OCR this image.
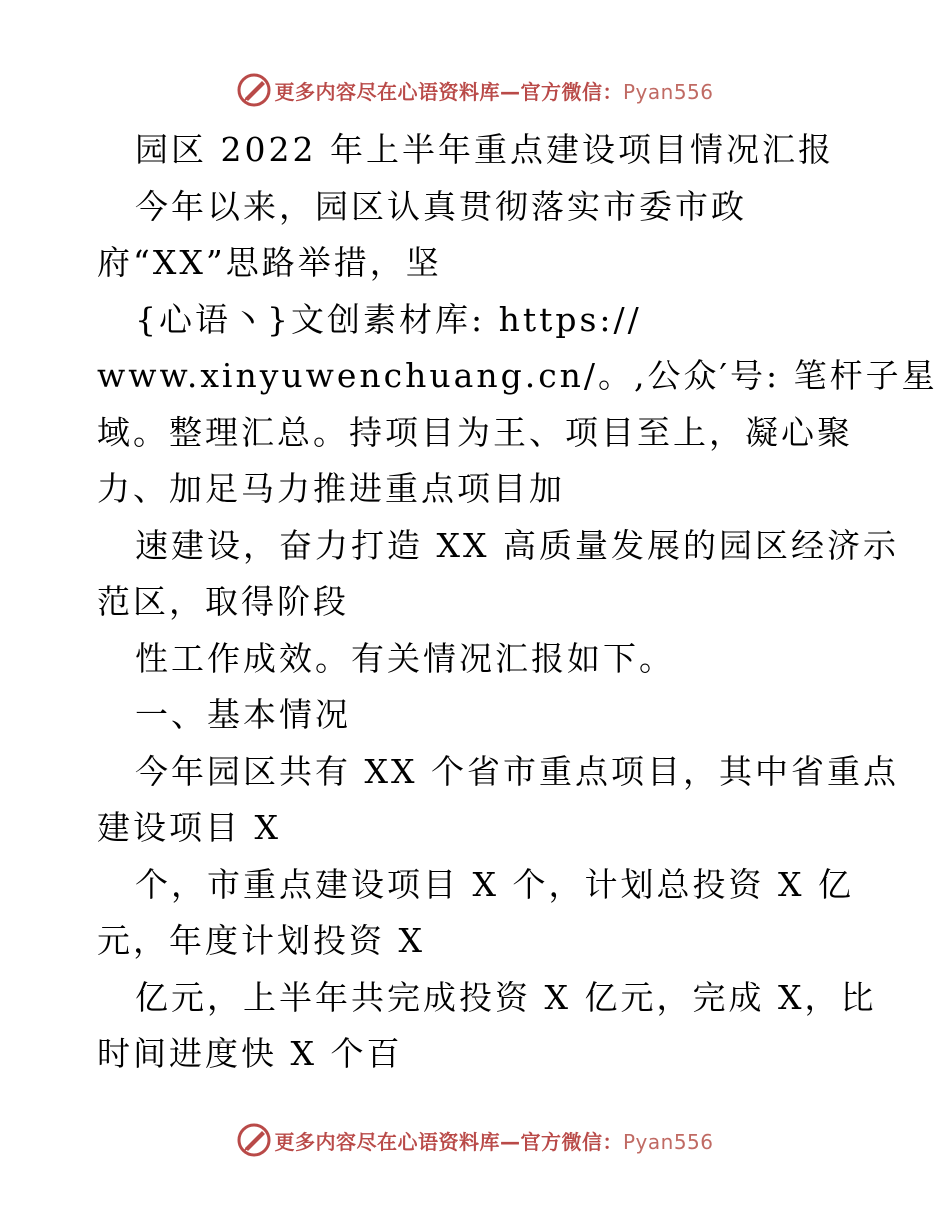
更多内容尽在心语资料库—官方微信：Pyan556
园区 2022 年上半年重点建设项目情况汇报
今年以来，园区认真贯彻落实市委市政
府“XX”思路举措，坚
{心语丶}文创素材库: https://
www.xinyuwenchuang.cn/。,公众′号: 笔杆子星
域。整理汇总。持项目为王、项目至上，凝心聚
力、加足马力推进重点项目加
速建设，奋力打造 XX 高质量发展的园区经济示
范区，取得阶段
性工作成效。有关情况汇报如下。
一、基本情况
今年园区共有 XX 个省市重点项目，其中省重点
建设项目 X
个，市重点建设项目 X 个，计划总投资 X 亿
元，年度计划投资 X
亿元，上半年共完成投资 X 亿元，完成 X，比
时间进度快 X 个百
更多内容尽在心语资料库—官方微信：Pyan556
